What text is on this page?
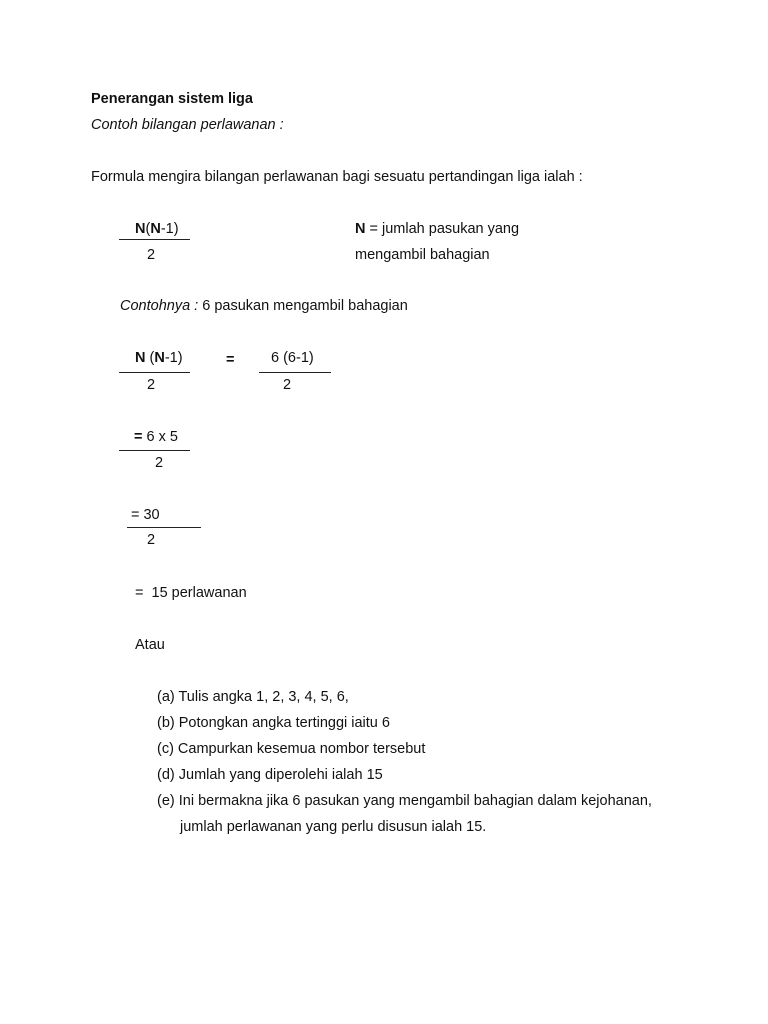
Penerangan sistem liga
Contoh bilangan perlawanan :
Formula mengira bilangan perlawanan bagi sesuatu pertandingan liga ialah :
N(N-1)
2
N = jumlah pasukan yang
mengambil bahagian
Contohnya : 6 pasukan mengambil bahagian
N (N-1)
2
=	6 (6-1)
2
= 6 x 5
2
= 30
2
=  15 perlawanan
Atau
(a) Tulis angka 1, 2, 3, 4, 5, 6,
(b) Potongkan angka tertinggi iaitu 6
(c) Campurkan kesemua nombor tersebut
(d) Jumlah yang diperolehi ialah 15
(e) Ini bermakna jika 6 pasukan yang mengambil bahagian dalam kejohanan,
jumlah perlawanan yang perlu disusun ialah 15.
